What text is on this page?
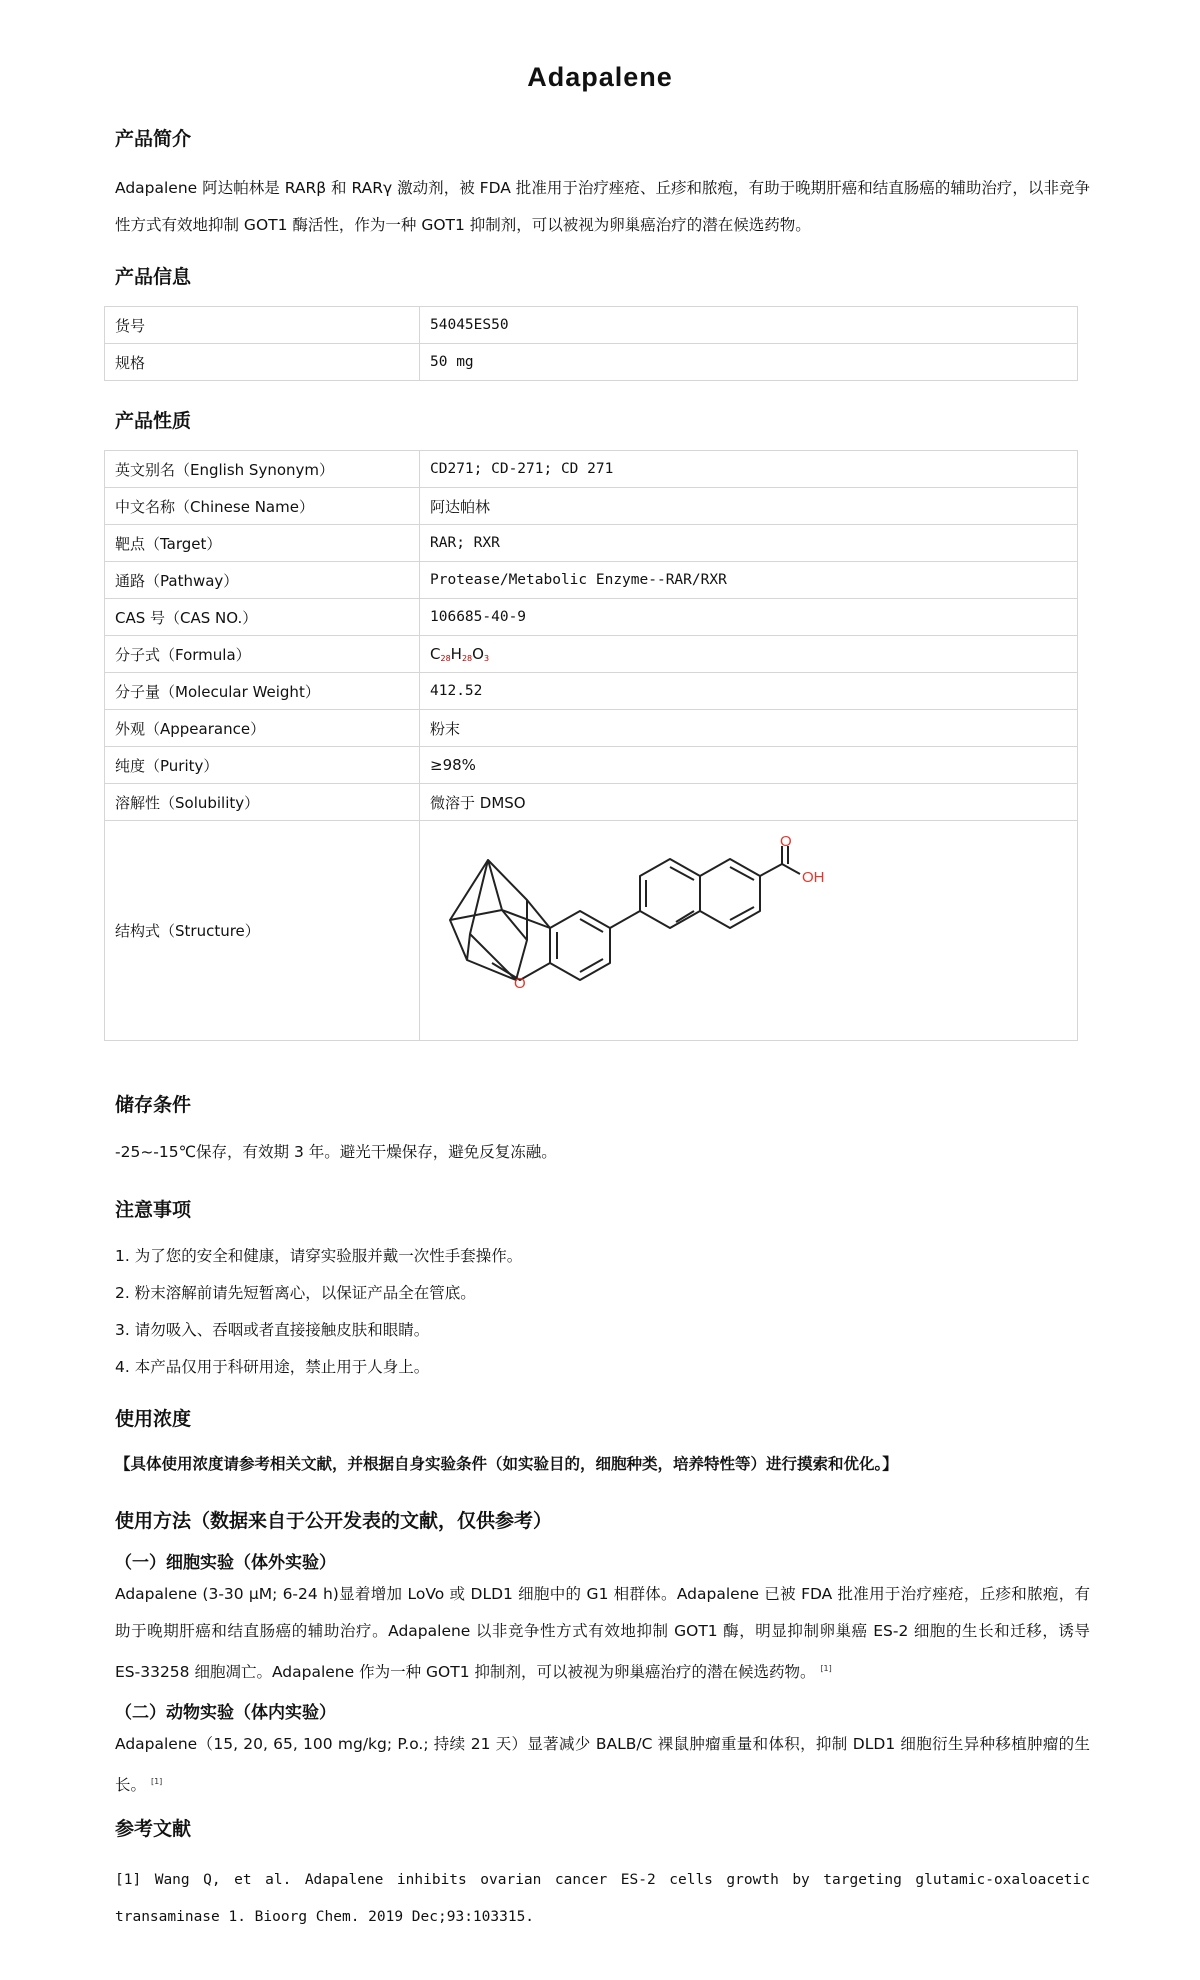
Adapalene
产品简介
Adapalene 阿达帕林是 RARβ 和 RARγ 激动剂，被 FDA 批准用于治疗痤疮、丘疹和脓疱，有助于晚期肝癌和结直肠癌的辅助治疗，以非竞争性方式有效地抑制 GOT1 酶活性，作为一种 GOT1 抑制剂，可以被视为卵巢癌治疗的潜在候选药物。
产品信息
货号	54045ES50
规格	50 mg
产品性质
英文别名（English Synonym）	CD271; CD-271; CD 271
中文名称（Chinese Name）	阿达帕林
靶点（Target）	RAR; RXR
通路（Pathway）	Protease/Metabolic Enzyme--RAR/RXR
CAS 号（CAS NO.）	106685-40-9
分子式（Formula）	$C_{28}H_{28}O_3$
分子量（Molecular Weight）	412.52
外观（Appearance）	粉末
纯度（Purity）	≥98%
溶解性（Solubility）	微溶于 DMSO
结构式（Structure）	O
OH
O
储存条件
-25~-15℃保存，有效期 3 年。避光干燥保存，避免反复冻融。
注意事项
1. 为了您的安全和健康，请穿实验服并戴一次性手套操作。
2. 粉末溶解前请先短暂离心，以保证产品全在管底。
3. 请勿吸入、吞咽或者直接接触皮肤和眼睛。
4. 本产品仅用于科研用途，禁止用于人身上。
使用浓度
【具体使用浓度请参考相关文献，并根据自身实验条件（如实验目的，细胞种类，培养特性等）进行摸索和优化。】
使用方法（数据来自于公开发表的文献，仅供参考）
（一）细胞实验（体外实验）
Adapalene (3-30 μM; 6-24 h)显着增加 LoVo 或 DLD1 细胞中的 G1 相群体。Adapalene 已被 FDA 批准用于治疗痤疮，丘疹和脓疱，有助于晚期肝癌和结直肠癌的辅助治疗。Adapalene 以非竞争性方式有效地抑制 GOT1 酶，明显抑制卵巢癌 ES-2 细胞的生长和迁移，诱导 ES-33258 细胞凋亡。Adapalene 作为一种 GOT1 抑制剂，可以被视为卵巢癌治疗的潜在候选药物。 [1]
（二）动物实验（体内实验）
Adapalene（15, 20, 65, 100 mg/kg; P.o.; 持续 21 天）显著减少 BALB/C 裸鼠肿瘤重量和体积，抑制 DLD1 细胞衍生异种移植肿瘤的生长。 [1]
参考文献
[1] Wang Q, et al. Adapalene inhibits ovarian cancer ES-2 cells growth by targeting glutamic-oxaloacetic transaminase 1. Bioorg Chem. 2019 Dec;93:103315.
